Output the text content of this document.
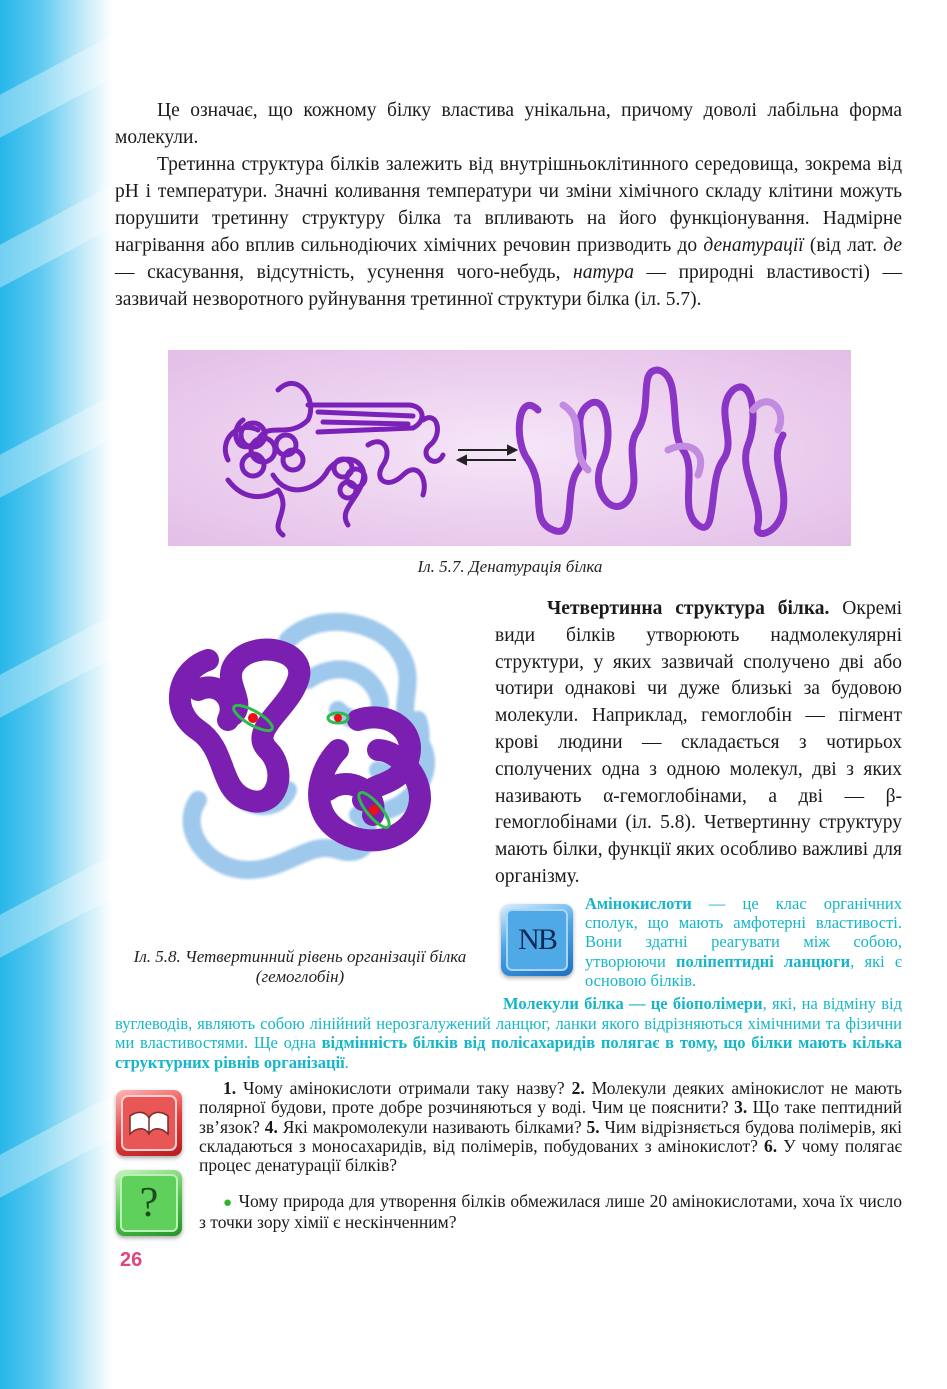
Це означає, що кожному білку властива унікальна, причому доволі лабільна форма молекули.

Третинна структура білків залежить від внутрішньоклітинного середовища, зокрема від pH і температури. Значні коливання температури чи зміни хімічного складу клітини можуть порушити третинну структуру білка та впливають на його функціонування. Надмірне нагрівання або вплив сильнодіючих хімічних речовин призводить до денатурації (від лат. де — скасування, відсутність, усунення чого-небудь, натура — природні властивості) — зазвичай незворотного руйнування третинної структури білка (іл. 5.7).

Іл. 5.7. Денатурація білка
Іл. 5.8. Четвертинний рівень організації білка (гемоглобін)

Четвертинна структура білка. Окремі види білків утворюють надмолекулярні структури, у яких зазвичай сполучено дві або чотири однакові чи дуже близькі за будовою молекули. Наприклад, гемоглобін — пігмент крові людини — складається з чотирьох сполучених одна з одною молекул, дві з яких називають α-гемоглобінами, а дві — β-гемоглобінами (іл. 5.8). Четвертинну структуру мають білки, функції яких особливо важливі для організму.

NB

Амінокислоти — це клас органічних сполук, що мають амфотерні властивості. Вони здатні реагувати між собою, утворюючи поліпептидні ланцюги, які є основою білків.

Молекули білка — це біополімери, які, на відміну від вуглеводів, являють собою лінійний нерозгалужений ланцюг, ланки якого відрізняються хімічними та фізични ми властивостями. Ще одна відмінність білків від полісахаридів полягає в тому, що білки мають кілька структурних рівнів організації.

1. Чому амінокислоти отримали таку назву? 2. Молекули деяких амінокислот не мають полярної будови, проте добре розчиняються у воді. Чим це пояснити? 3. Що таке пептидний зв’язок? 4. Які макромолекули називають білками? 5. Чим відрізняється будова полімерів, які складаються з моносахаридів, від полімерів, побудованих з амінокислот? 6. У чому полягає процес денатурації білків?

?	● Чому природа для утворення білків обмежилася лише 20 амінокислотами, хоча їх число з точки зору хімії є нескінченним?

26
